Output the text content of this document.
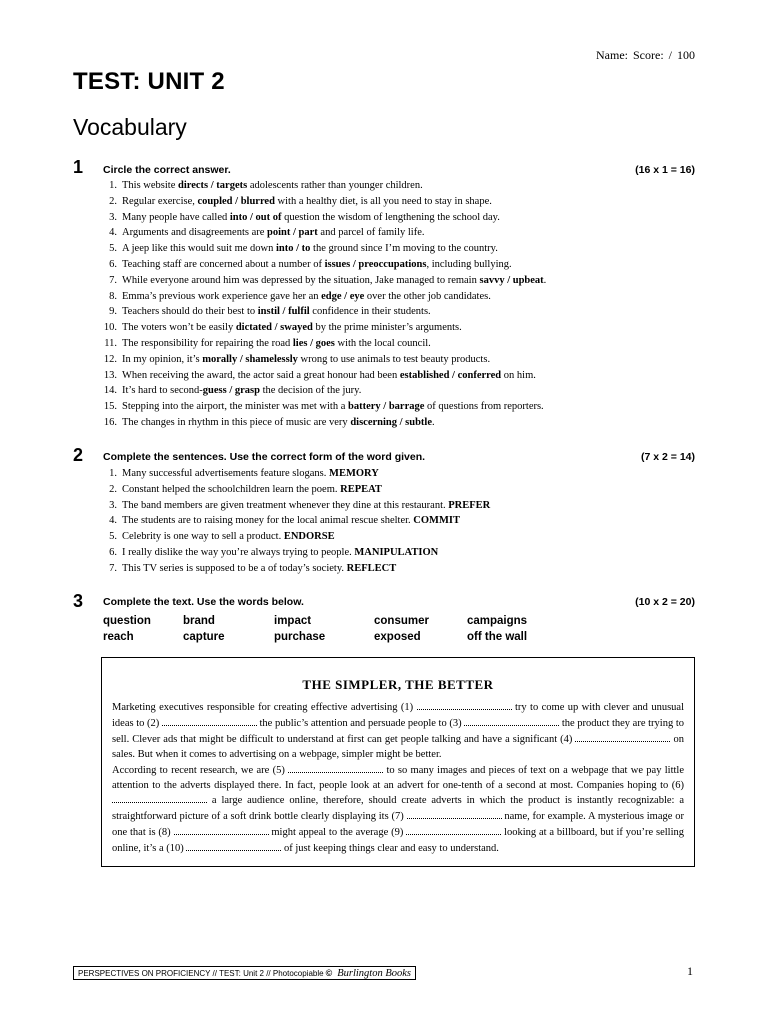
Name: Score: / 100
TEST: UNIT 2
Vocabulary
1 Circle the correct answer.	(16 x 1 = 16)
1. This website directs / targets adolescents rather than younger children.
2. Regular exercise, coupled / blurred with a healthy diet, is all you need to stay in shape.
3. Many people have called into / out of question the wisdom of lengthening the school day.
4. Arguments and disagreements are point / part and parcel of family life.
5. A jeep like this would suit me down into / to the ground since I’m moving to the country.
6. Teaching staff are concerned about a number of issues / preoccupations, including bullying.
7. While everyone around him was depressed by the situation, Jake managed to remain savvy / upbeat.
8. Emma’s previous work experience gave her an edge / eye over the other job candidates.
9. Teachers should do their best to instil / fulfil confidence in their students.
10. The voters won’t be easily dictated / swayed by the prime minister’s arguments.
11. The responsibility for repairing the road lies / goes with the local council.
12. In my opinion, it’s morally / shamelessly wrong to use animals to test beauty products.
13. When receiving the award, the actor said a great honour had been established / conferred on him.
14. It’s hard to second-guess / grasp the decision of the jury.
15. Stepping into the airport, the minister was met with a battery / barrage of questions from reporters.
16. The changes in rhythm in this piece of music are very discerning / subtle.
2 Complete the sentences. Use the correct form of the word given.	(7 x 2 = 14)
1. Many successful advertisements feature slogans. MEMORY
2. Constant helped the schoolchildren learn the poem. REPEAT
3. The band members are given treatment whenever they dine at this restaurant. PREFER
4. The students are to raising money for the local animal rescue shelter. COMMIT
5. Celebrity is one way to sell a product. ENDORSE
6. I really dislike the way you’re always trying to people. MANIPULATION
7. This TV series is supposed to be a of today’s society. REFLECT
3 Complete the text. Use the words below.	(10 x 2 = 20)
question	brand	impact	consumer	campaigns
reach	capture	purchase	exposed	off the wall
THE SIMPLER, THE BETTER

Marketing executives responsible for creating effective advertising (1)	try to come up with clever and unusual ideas to (2)	the public’s attention and persuade people to (3)	the product they are trying to sell. Clever ads that might be difficult to understand at first can get people talking and have a significant (4)	on sales. But when it comes to advertising on a webpage, simpler might be better.

According to recent research, we are (5)	to so many images and pieces of text on a webpage that we pay little attention to the adverts displayed there. In fact, people look at an advert for one-tenth of a second at most. Companies hoping to (6)  a large audience online, therefore, should create adverts in which the product is instantly recognizable: a straightforward picture of a soft drink bottle clearly displaying its (7)	name, for example. A mysterious image or one that is (8)	might appeal to the average (9)	looking at a billboard, but if you’re selling online, it’s a (10)	of just keeping things clear and easy to understand.

PERSPECTIVES ON PROFICIENCY // TEST: Unit 2 // Photocopiable © Burlington Books	1
